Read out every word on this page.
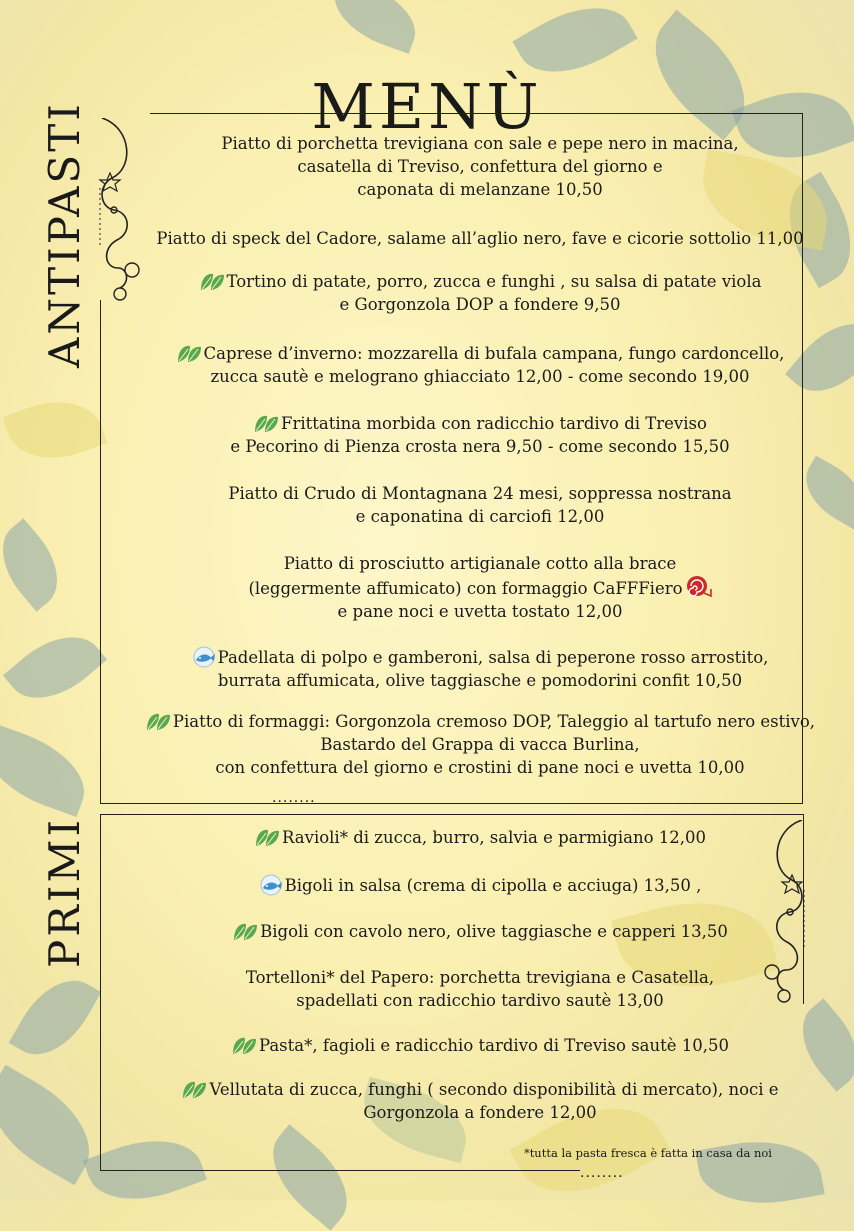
MENÙ
ANTIPASTI
PRIMI
Piatto di porchetta trevigiana con sale e pepe nero in macina,
casatella di Treviso, confettura del giorno e
caponata di melanzane 10,50
Piatto di speck del Cadore, salame all’aglio nero, fave e cicorie sottolio 11,00
Tortino di patate, porro, zucca e funghi , su salsa di patate viola
e Gorgonzola DOP a fondere 9,50
Caprese d’inverno: mozzarella di bufala campana, fungo cardoncello,
zucca sautè e melograno ghiacciato 12,00 - come secondo 19,00
Frittatina morbida con radicchio tardivo di Treviso
e Pecorino di Pienza crosta nera 9,50 - come secondo 15,50
Piatto di Crudo di Montagnana 24 mesi, soppressa nostrana
e caponatina di carciofi 12,00
Piatto di prosciutto artigianale cotto alla brace
(leggermente affumicato) con formaggio CaFFFiero
e pane noci e uvetta tostato 12,00
Padellata di polpo e gamberoni, salsa di peperone rosso arrostito,
burrata affumicata, olive taggiasche e pomodorini confit 10,50
Piatto di formaggi: Gorgonzola cremoso DOP, Taleggio al tartufo nero estivo,
Bastardo del Grappa di vacca Burlina,
con confettura del giorno e crostini di pane noci e uvetta 10,00
........
Ravioli* di zucca, burro, salvia e parmigiano 12,00
Bigoli in salsa (crema di cipolla e acciuga) 13,50 ,
Bigoli con cavolo nero, olive taggiasche e capperi 13,50
Tortelloni* del Papero: porchetta trevigiana e Casatella,
spadellati con radicchio tardivo sautè 13,00
Pasta*, fagioli e radicchio tardivo di Treviso sautè 10,50
Vellutata di zucca, funghi ( secondo disponibilità di mercato), noci e
Gorgonzola a fondere 12,00
*tutta la pasta fresca è fatta in casa da noi
........
